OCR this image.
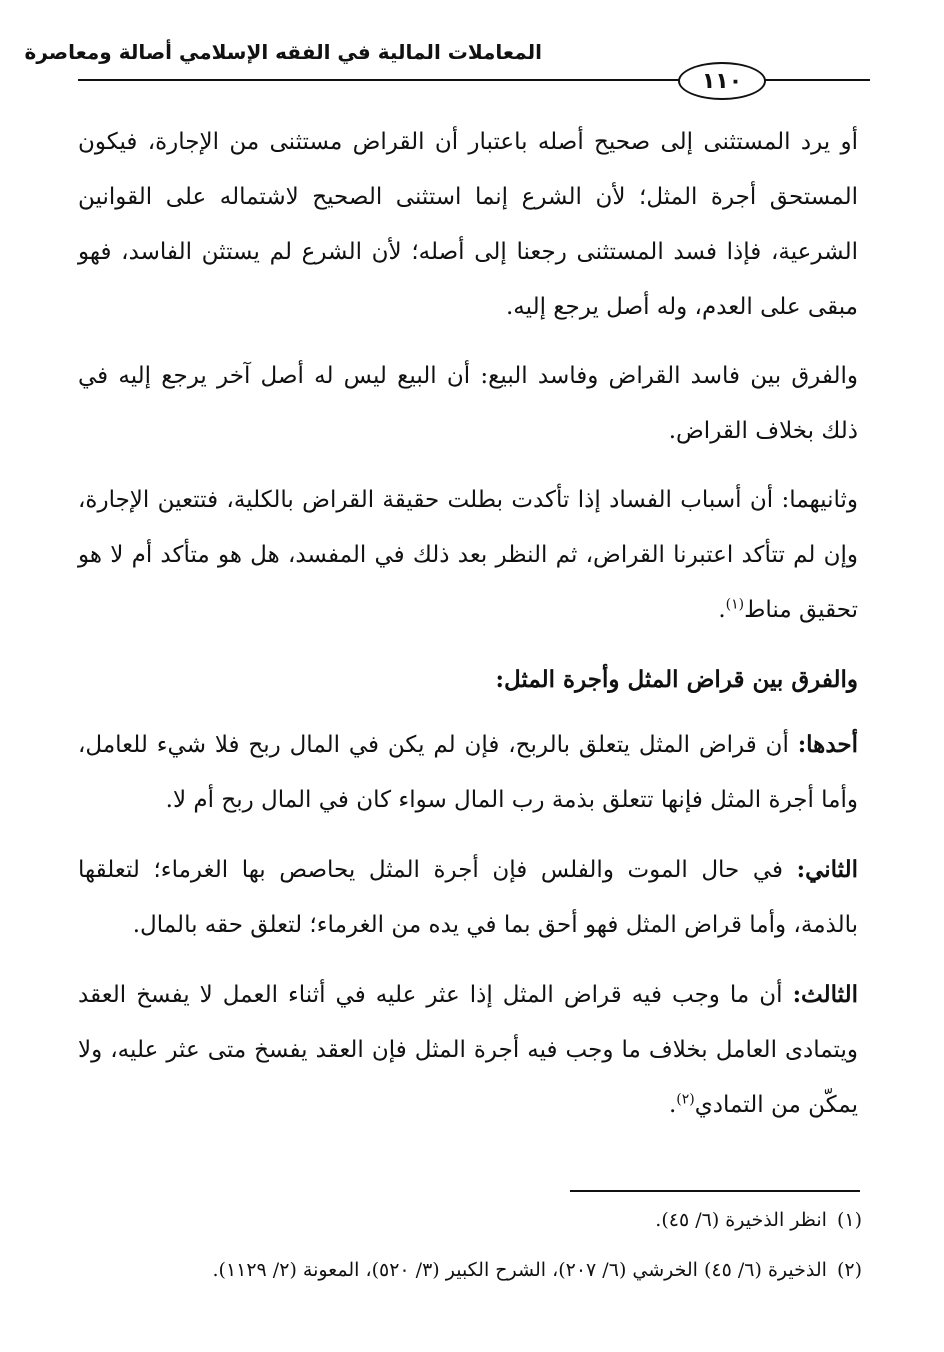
المعاملات المالية في الفقه الإسلامي أصالة ومعاصرة
١١٠

أو يرد المستثنى إلى صحيح أصله باعتبار أن القراض مستثنى من الإجارة، فيكون المستحق أجرة المثل؛ لأن الشرع إنما استثنى الصحيح لاشتماله على القوانين الشرعية، فإذا فسد المستثنى رجعنا إلى أصله؛ لأن الشرع لم يستثن الفاسد، فهو مبقى على العدم، وله أصل يرجع إليه.

والفرق بين فاسد القراض وفاسد البيع: أن البيع ليس له أصل آخر يرجع إليه في ذلك بخلاف القراض.

وثانيهما: أن أسباب الفساد إذا تأكدت بطلت حقيقة القراض بالكلية، فتتعين الإجارة، وإن لم تتأكد اعتبرنا القراض، ثم النظر بعد ذلك في المفسد، هل هو متأكد أم لا هو تحقيق مناط$^{(١)}$.

والفرق بين قراض المثل وأجرة المثل:

أحدها: أن قراض المثل يتعلق بالربح، فإن لم يكن في المال ربح فلا شيء للعامل، وأما أجرة المثل فإنها تتعلق بذمة رب المال سواء كان في المال ربح أم لا.

الثاني: في حال الموت والفلس فإن أجرة المثل يحاصص بها الغرماء؛ لتعلقها بالذمة، وأما قراض المثل فهو أحق بما في يده من الغرماء؛ لتعلق حقه بالمال.

الثالث: أن ما وجب فيه قراض المثل إذا عثر عليه في أثناء العمل لا يفسخ العقد ويتمادى العامل بخلاف ما وجب فيه أجرة المثل فإن العقد يفسخ متى عثر عليه، ولا يمكّن من التمادي$^{(٢)}$.

(١)انظر الذخيرة (٦/ ٤٥).

(٢)الذخيرة (٦/ ٤٥) الخرشي (٦/ ٢٠٧)، الشرح الكبير (٣/ ٥٢٠)، المعونة (٢/ ١١٢٩).
